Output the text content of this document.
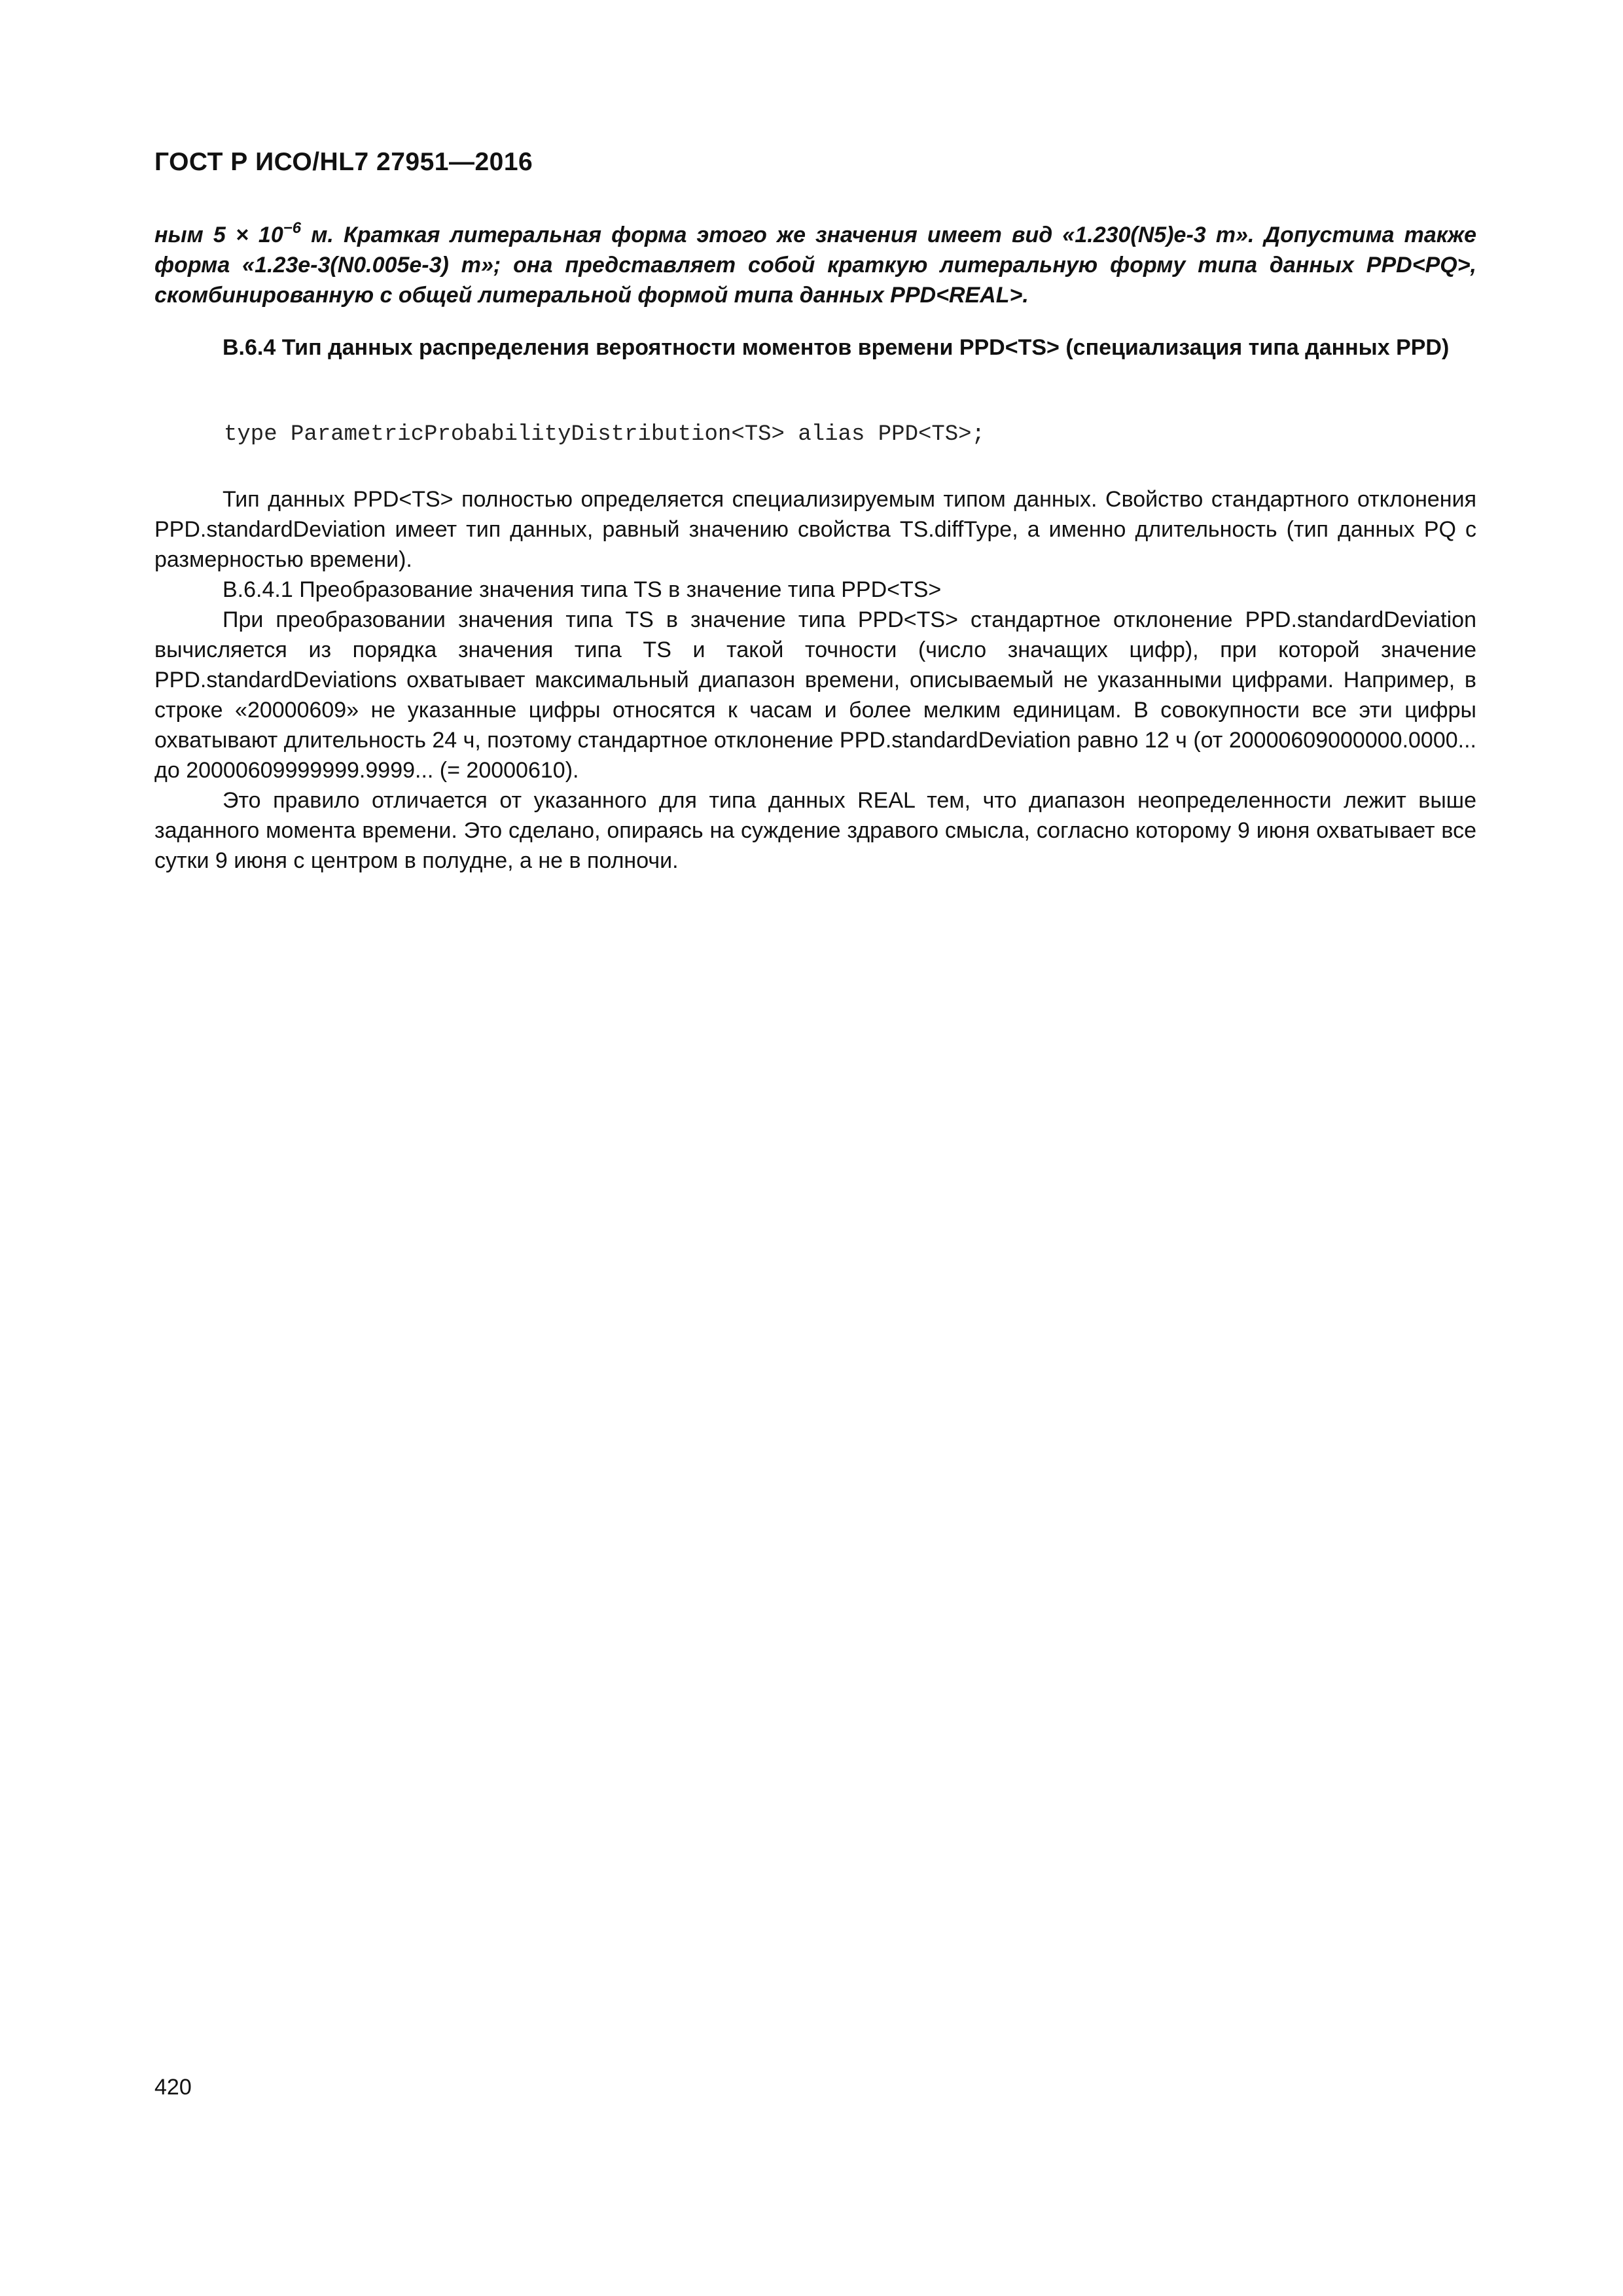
ГОСТ Р ИСО/HL7 27951—2016
ным $5 \times 10^{-6}$ м. Краткая литеральная форма этого же значения имеет вид «1.230(N5)e-3 m». Допустима также форма «1.23e-3(N0.005e-3) m»; она представляет собой краткую литеральную форму типа данных PPD<PQ>, скомбинированную с общей литеральной формой типа данных PPD<REAL>.
B.6.4 Тип данных распределения вероятности моментов времени PPD<TS> (специализация типа данных PPD)
type ParametricProbabilityDistribution<TS> alias PPD<TS>;

Тип данных PPD<TS> полностью определяется специализируемым типом данных. Свойство стандартного отклонения PPD.standardDeviation имеет тип данных, равный значению свойства TS.diffType, а именно длительность (тип данных PQ с размерностью времени).

B.6.4.1 Преобразование значения типа TS в значение типа PPD<TS>

При преобразовании значения типа TS в значение типа PPD<TS> стандартное отклонение PPD.standardDeviation вычисляется из порядка значения типа TS и такой точности (число значащих цифр), при которой значение PPD.standardDeviations охватывает максимальный диапазон времени, описываемый не указанными цифрами. Например, в строке «20000609» не указанные цифры относятся к часам и более мелким единицам. В совокупности все эти цифры охватывают длительность 24 ч, поэтому стандартное отклонение PPD.standardDeviation равно 12 ч (от 20000609000000.0000... до 20000609999999.9999... (= 20000610).

Это правило отличается от указанного для типа данных REAL тем, что диапазон неопределенности лежит выше заданного момента времени. Это сделано, опираясь на суждение здравого смысла, согласно которому 9 июня охватывает все сутки 9 июня с центром в полудне, а не в полночи.

420
